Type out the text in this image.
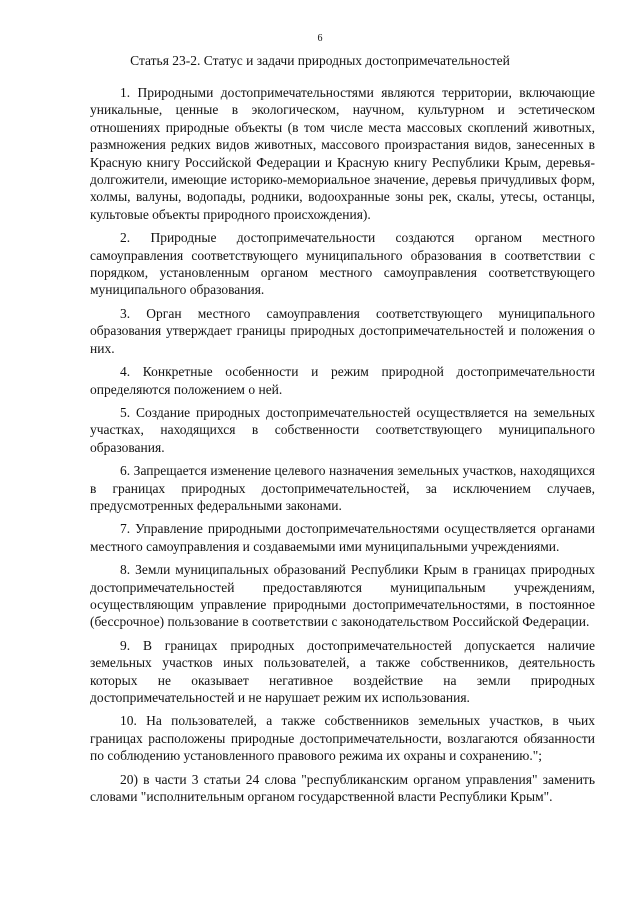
6
Статья 23-2. Статус и задачи природных достопримечательностей

1. Природными достопримечательностями являются территории, включающие уникальные, ценные в экологическом, научном, культурном и эстетическом отношениях природные объекты (в том числе места массовых скоплений животных, размножения редких видов животных, массового произрастания видов, занесенных в Красную книгу Российской Федерации и Красную книгу Республики Крым, деревья-долгожители, имеющие историко-мемориальное значение, деревья причудливых форм, холмы, валуны, водопады, родники, водоохранные зоны рек, скалы, утесы, останцы, культовые объекты природного происхождения).

2. Природные достопримечательности создаются органом местного самоуправления соответствующего муниципального образования в соответствии с порядком, установленным органом местного самоуправления соответствующего муниципального образования.

3. Орган местного самоуправления соответствующего муниципального образования утверждает границы природных достопримечательностей и положения о них.

4. Конкретные особенности и режим природной достопримечательности определяются положением о ней.

5. Создание природных достопримечательностей осуществляется на земельных участках, находящихся в собственности соответствующего муниципального образования.

6. Запрещается изменение целевого назначения земельных участков, находящихся в границах природных достопримечательностей, за исключением случаев, предусмотренных федеральными законами.

7. Управление природными достопримечательностями осуществляется органами местного самоуправления и создаваемыми ими муниципальными учреждениями.

8. Земли муниципальных образований Республики Крым в границах природных достопримечательностей предоставляются муниципальным учреждениям, осуществляющим управление природными достопримечательностями, в постоянное (бессрочное) пользование в соответствии с законодательством Российской Федерации.

9. В границах природных достопримечательностей допускается наличие земельных участков иных пользователей, а также собственников, деятельность которых не оказывает негативное воздействие на земли природных достопримечательностей и не нарушает режим их использования.

10. На пользователей, а также собственников земельных участков, в чьих границах расположены природные достопримечательности, возлагаются обязанности по соблюдению установленного правового режима их охраны и сохранению.";

20) в части 3 статьи 24 слова "республиканским органом управления" заменить словами "исполнительным органом государственной власти Республики Крым".
